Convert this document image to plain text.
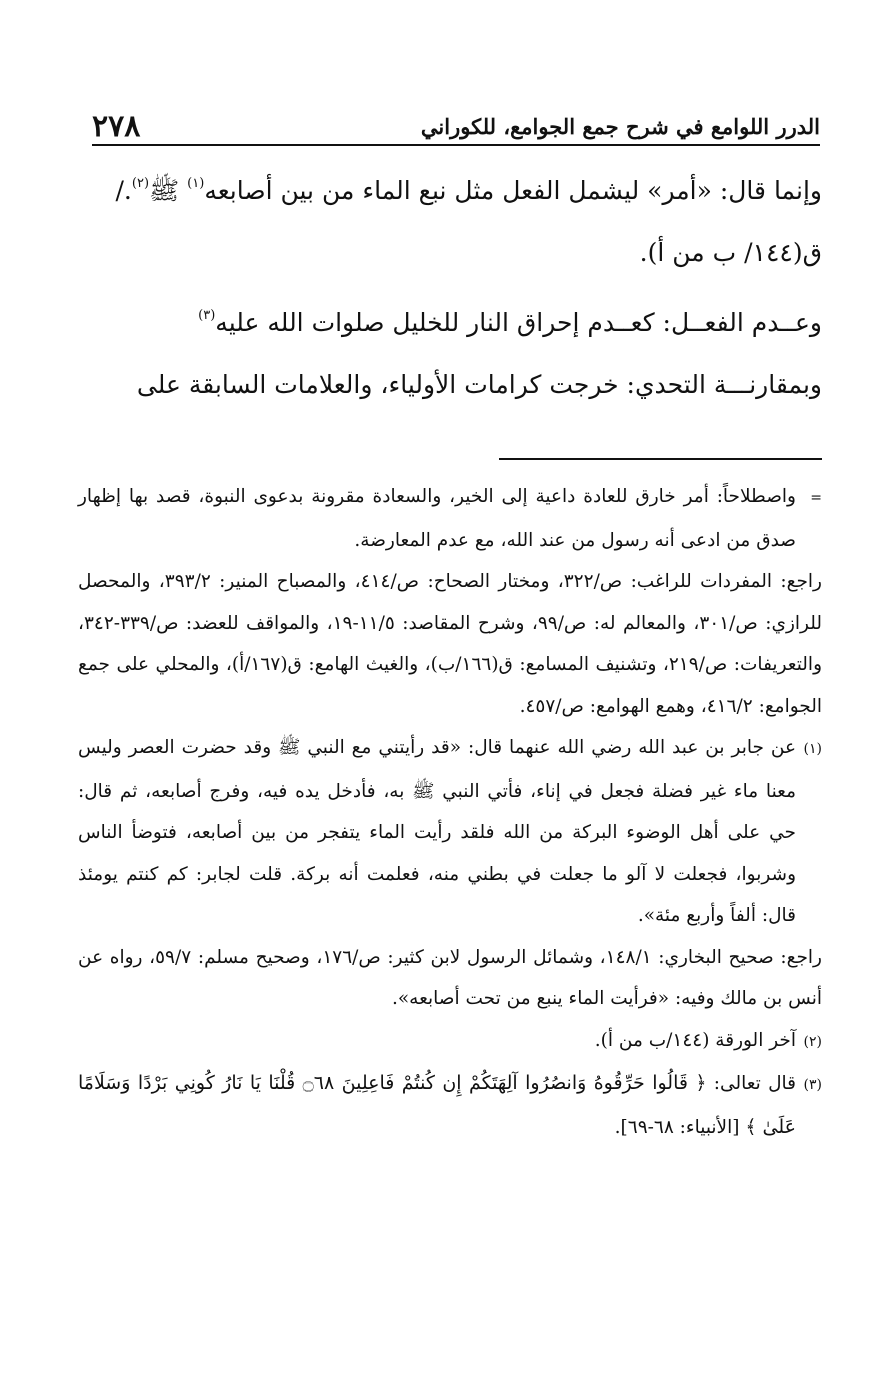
الدرر اللوامع في شرح جمع الجوامع، للكوراني
٢٧٨

وإنما قال: «أمر» ليشمل الفعل مثل نبع الماء من بين أصابعه$^{(١)}$ ﷺ$^{(٢)}$./
ق(١٤٤/ ب من أ).

وعــدم الفعــل: كعــدم إحراق النار للخليل صلوات الله عليه$^{(٣)}$
وبمقارنـــة التحدي: خرجت كرامات الأولياء، والعلامات السابقة على

=واصطلاحاً: أمر خارق للعادة داعية إلى الخير، والسعادة مقرونة بدعوى النبوة، قصد بها إظهار صدق من ادعى أنه رسول من عند الله، مع عدم المعارضة.

راجع: المفردات للراغب: ص/٣٢٢، ومختار الصحاح: ص/٤١٤، والمصباح المنير: ٣٩٣/٢، والمحصل للرازي: ص/٣٠١، والمعالم له: ص/٩٩، وشرح المقاصد: ١١/٥-١٩، والمواقف للعضد: ص/٣٣٩-٣٤٢، والتعريفات: ص/٢١٩، وتشنيف المسامع: ق(١٦٦/ب)، والغيث الهامع: ق(١٦٧/أ)، والمحلي على جمع الجوامع: ٤١٦/٢، وهمع الهوامع: ص/٤٥٧.

(١)عن جابر بن عبد الله رضي الله عنهما قال: «قد رأيتني مع النبي ﷺ وقد حضرت العصر وليس معنا ماء غير فضلة فجعل في إناء، فأتي النبي ﷺ به، فأدخل يده فيه، وفرج أصابعه، ثم قال: حي على أهل الوضوء البركة من الله فلقد رأيت الماء يتفجر من بين أصابعه، فتوضأ الناس وشربوا، فجعلت لا آلو ما جعلت في بطني منه، فعلمت أنه بركة. قلت لجابر: كم كنتم يومئذ قال: ألفاً وأربع مئة».

راجع: صحيح البخاري: ١٤٨/١، وشمائل الرسول لابن كثير: ص/١٧٦، وصحيح مسلم: ٥٩/٧، رواه عن أنس بن مالك وفيه: «فرأيت الماء ينبع من تحت أصابعه».

(٢)آخر الورقة (١٤٤/ب من أ).

(٣)قال تعالى: ﴿ قَالُوا حَرِّقُوهُ وَانصُرُوا آلِهَتَكُمْ إِن كُنتُمْ فَاعِلِينَ ۝٦٨ قُلْنَا يَا نَارُ كُونِي بَرْدًا وَسَلَامًا عَلَىٰ ﴾ [الأنبياء: ٦٨-٦٩].
